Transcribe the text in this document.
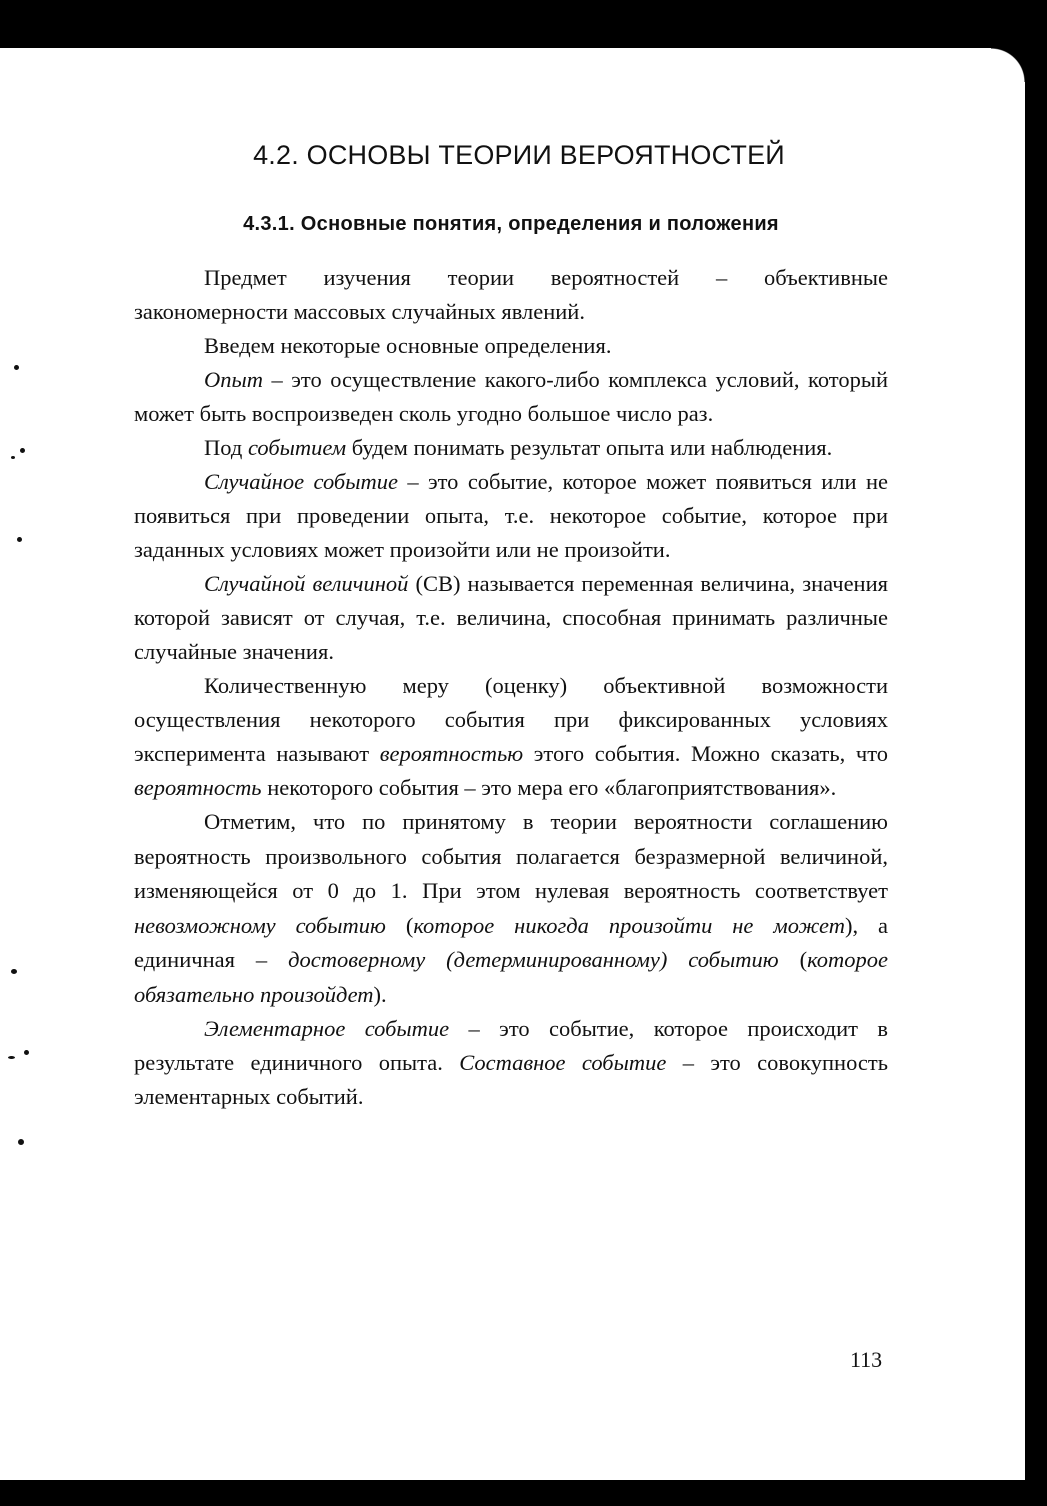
4.2. ОСНОВЫ ТЕОРИИ ВЕРОЯТНОСТЕЙ
4.3.1. Основные понятия, определения и положения

Предмет изучения теории вероятностей – объективные закономерности массовых случайных явлений.

Введем некоторые основные определения.

Опыт – это осуществление какого-либо комплекса условий, который может быть воспроизведен сколь угодно большое число раз.

Под событием будем понимать результат опыта или наблюдения.

Случайное событие – это событие, которое может появиться или не появиться при проведении опыта, т.е. некоторое событие, которое при заданных условиях может произойти или не произойти.

Случайной величиной (СВ) называется переменная величина, значения которой зависят от случая, т.е. величина, способная принимать различные случайные значения.

Количественную меру (оценку) объективной возможности осуществления некоторого события при фиксированных условиях эксперимента называют вероятностью этого события. Можно сказать, что вероятность некоторого события – это мера его «благоприятствования».

Отметим, что по принятому в теории вероятности соглашению вероятность произвольного события полагается безразмерной величиной, изменяющейся от 0 до 1. При этом нулевая вероятность соответствует невозможному событию (которое никогда произойти не может), а единичная – достоверному (детерминированному) событию (которое обязательно произойдет).

Элементарное событие – это событие, которое происходит в результате единичного опыта. Составное событие – это совокупность элементарных событий.

113
